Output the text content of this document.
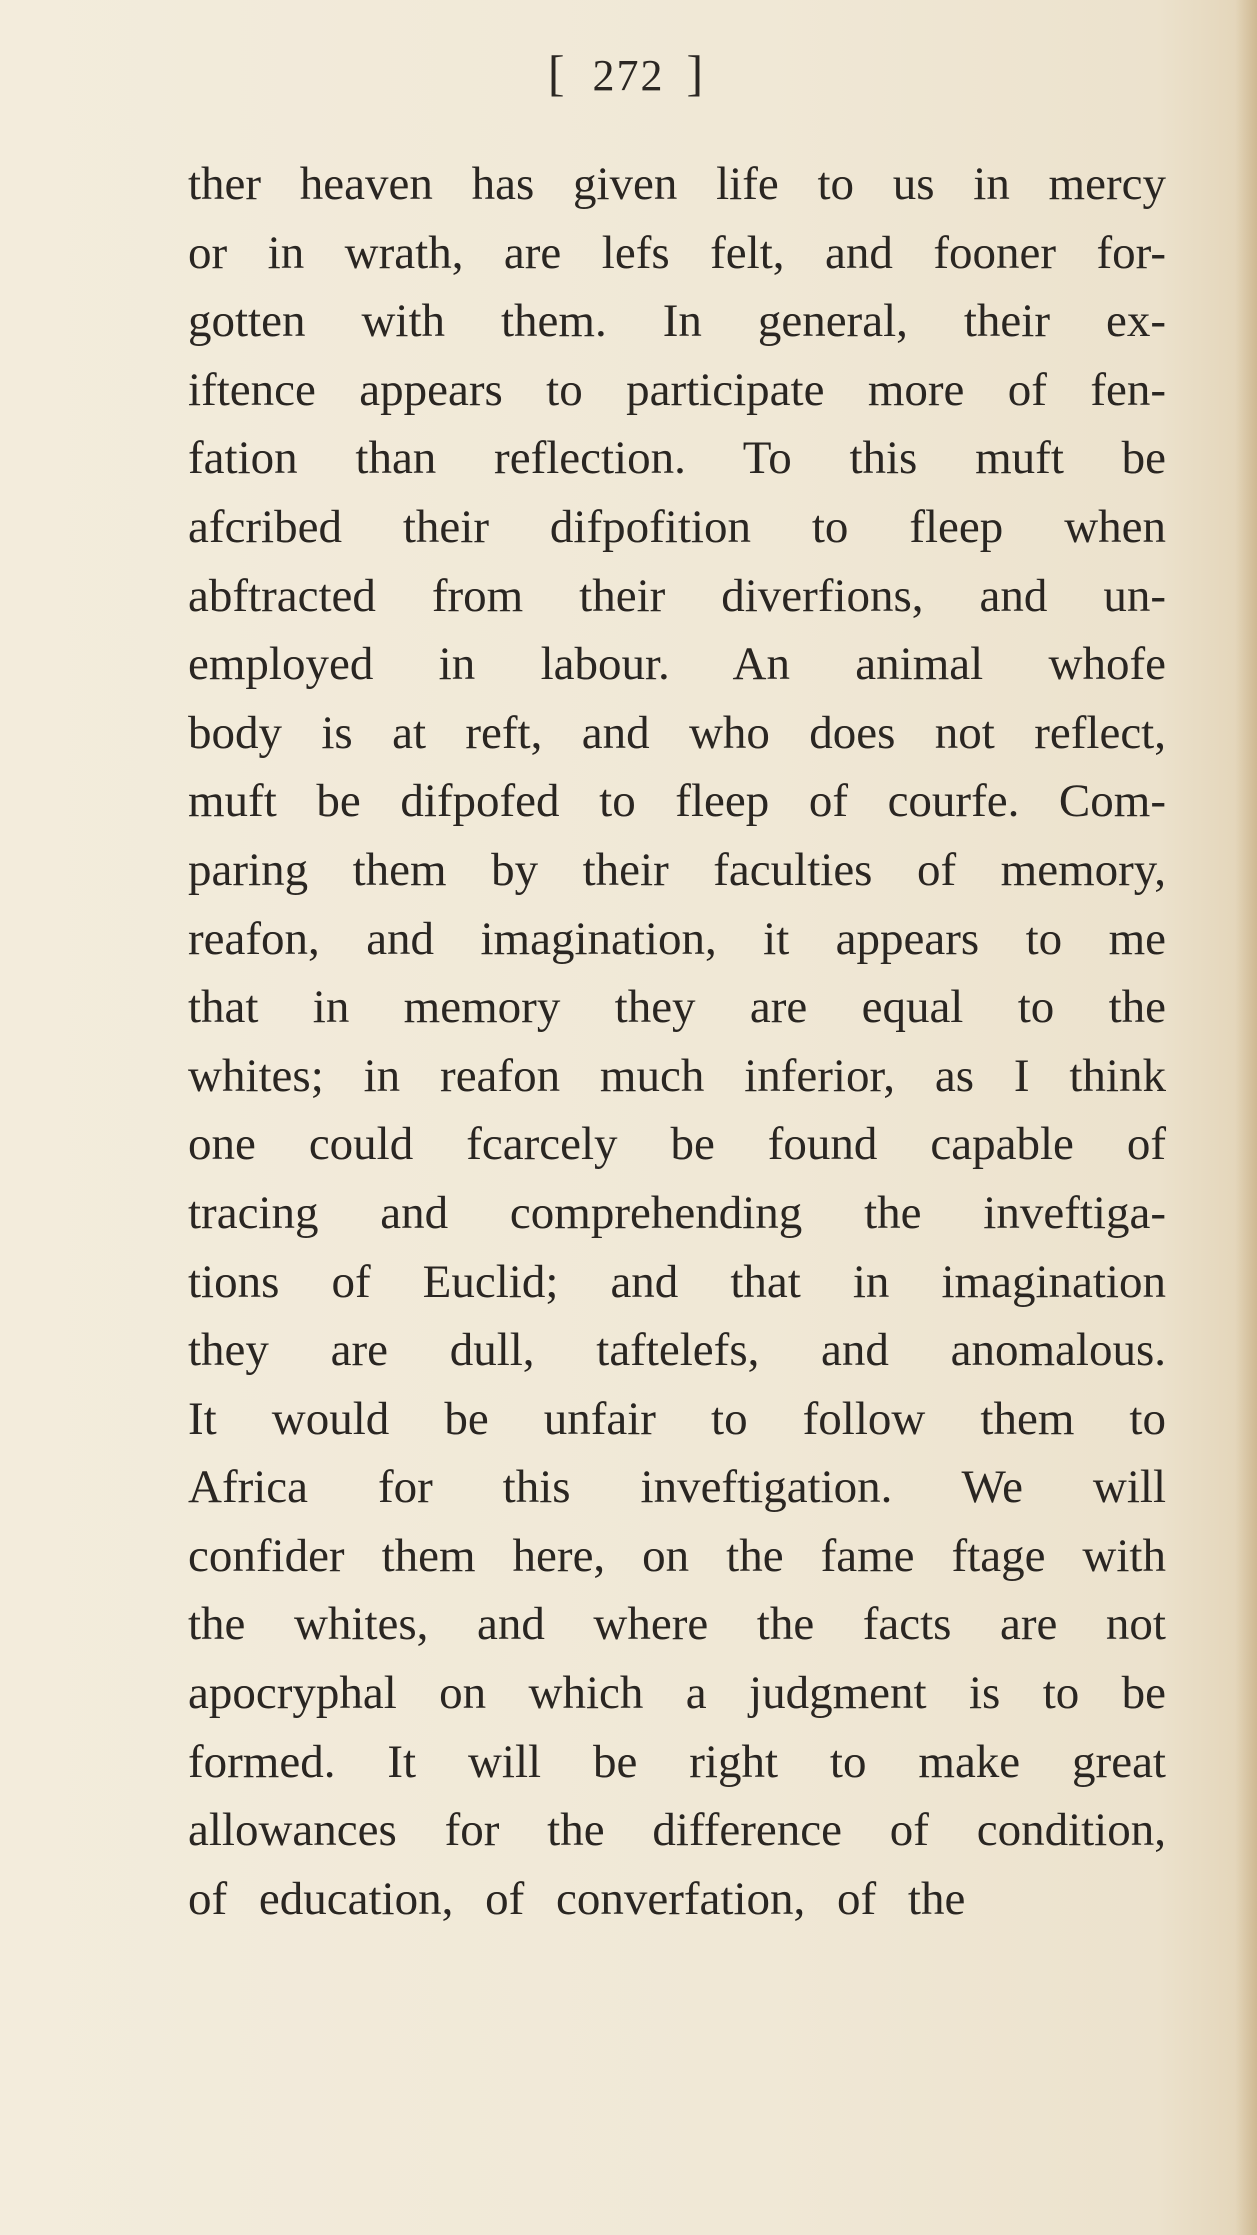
[ 272 ]

ther heaven has given life to us in mercy
or in wrath, are lefs felt, and fooner for-
gotten with them. In general, their ex-
iftence appears to participate more of fen-
fation than reflection. To this muft be
afcribed their difpofition to fleep when
abftracted from their diverfions, and un-
employed in labour. An animal whofe
body is at reft, and who does not reflect,
muft be difpofed to fleep of courfe. Com-
paring them by their faculties of memory,
reafon, and imagination, it appears to me
that in memory they are equal to the
whites; in reafon much inferior, as I think
one could fcarcely be found capable of
tracing and comprehending the inveftiga-
tions of Euclid; and that in imagination
they are dull, taftelefs, and anomalous.
It would be unfair to follow them to
Africa for this inveftigation. We will
confider them here, on the fame ftage with
the whites, and where the facts are not
apocryphal on which a judgment is to be
formed. It will be right to make great
allowances for the difference of condition,
of education, of converfation, of the
